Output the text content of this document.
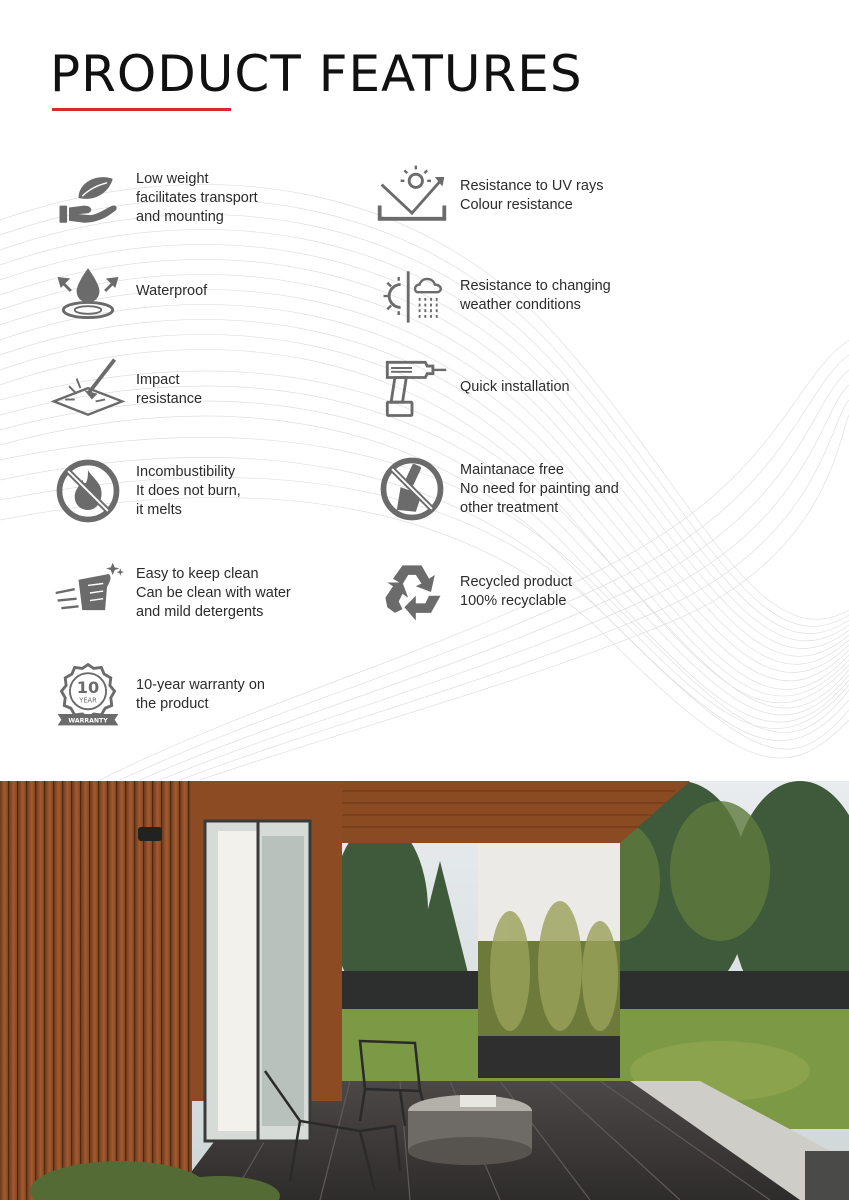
PRODUCT FEATURES
Low weight
facilitates transport
and mounting
Waterproof
Impact
resistance
Incombustibility
It does not burn,
it melts
Easy to keep clean
Can be clean with water
and mild detergents
10
YEAR
WARRANTY
10-year warranty on
the product
Resistance to UV rays
Colour resistance
Resistance to changing
weather conditions
Quick installation
Maintanace free
No need for painting and
other treatment
Recycled product
100% recyclable
